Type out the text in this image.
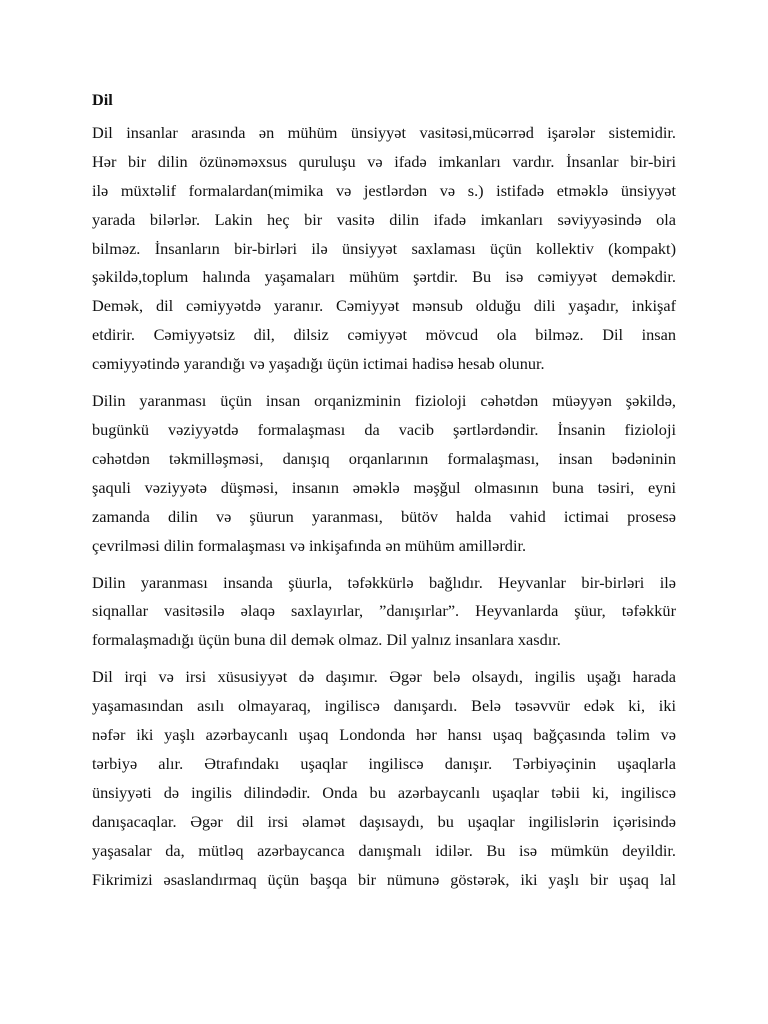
Dil
Dil insanlar arasında ən mühüm ünsiyyət vasitəsi,mücərrəd işarələr sistemidir.
Hər bir dilin özünəməxsus quruluşu və ifadə imkanları vardır. İnsanlar bir-biri
ilə müxtəlif formalardan(mimika və jestlərdən və s.) istifadə etməklə ünsiyyət
yarada bilərlər. Lakin heç bir vasitə dilin ifadə imkanları səviyyəsində ola
bilməz. İnsanların bir-birləri ilə ünsiyyət saxlaması üçün kollektiv (kompakt)
şəkildə,toplum halında yaşamaları mühüm şərtdir. Bu isə cəmiyyət deməkdir.
Demək, dil cəmiyyətdə yaranır. Cəmiyyət mənsub olduğu dili yaşadır, inkişaf
etdirir. Cəmiyyətsiz dil, dilsiz cəmiyyət mövcud ola bilməz. Dil insan
cəmiyyətində yarandığı və yaşadığı üçün ictimai hadisə hesab olunur.
Dilin yaranması üçün insan orqanizminin fizioloji cəhətdən müəyyən şəkildə,
bugünkü vəziyyətdə formalaşması da vacib şərtlərdəndir. İnsanin fizioloji
cəhətdən təkmilləşməsi, danışıq orqanlarının formalaşması, insan bədəninin
şaquli vəziyyətə düşməsi, insanın əməklə məşğul olmasının buna təsiri, eyni
zamanda dilin və şüurun yaranması, bütöv halda vahid ictimai prosesə
çevrilməsi dilin formalaşması və inkişafında ən mühüm amillərdir.
Dilin yaranması insanda şüurla, təfəkkürlə bağlıdır. Heyvanlar bir-birləri ilə
siqnallar vasitəsilə əlaqə saxlayırlar, ”danışırlar”. Heyvanlarda şüur, təfəkkür
formalaşmadığı üçün buna dil demək olmaz. Dil yalnız insanlara xasdır.
Dil irqi və irsi xüsusiyyət də daşımır. Əgər belə olsaydı, ingilis uşağı harada
yaşamasından asılı olmayaraq, ingiliscə danışardı. Belə təsəvvür edək ki, iki
nəfər iki yaşlı azərbaycanlı uşaq Londonda hər hansı uşaq bağçasında təlim və
tərbiyə alır. Ətrafındakı uşaqlar ingiliscə danışır. Tərbiyəçinin uşaqlarla
ünsiyyəti də ingilis dilindədir. Onda bu azərbaycanlı uşaqlar təbii ki, ingiliscə
danışacaqlar. Əgər dil irsi əlamət daşısaydı, bu uşaqlar ingilislərin içərisində
yaşasalar da, mütləq azərbaycanca danışmalı idilər. Bu isə mümkün deyildir.
Fikrimizi əsaslandırmaq üçün başqa bir nümunə göstərək, iki yaşlı bir uşaq lal
